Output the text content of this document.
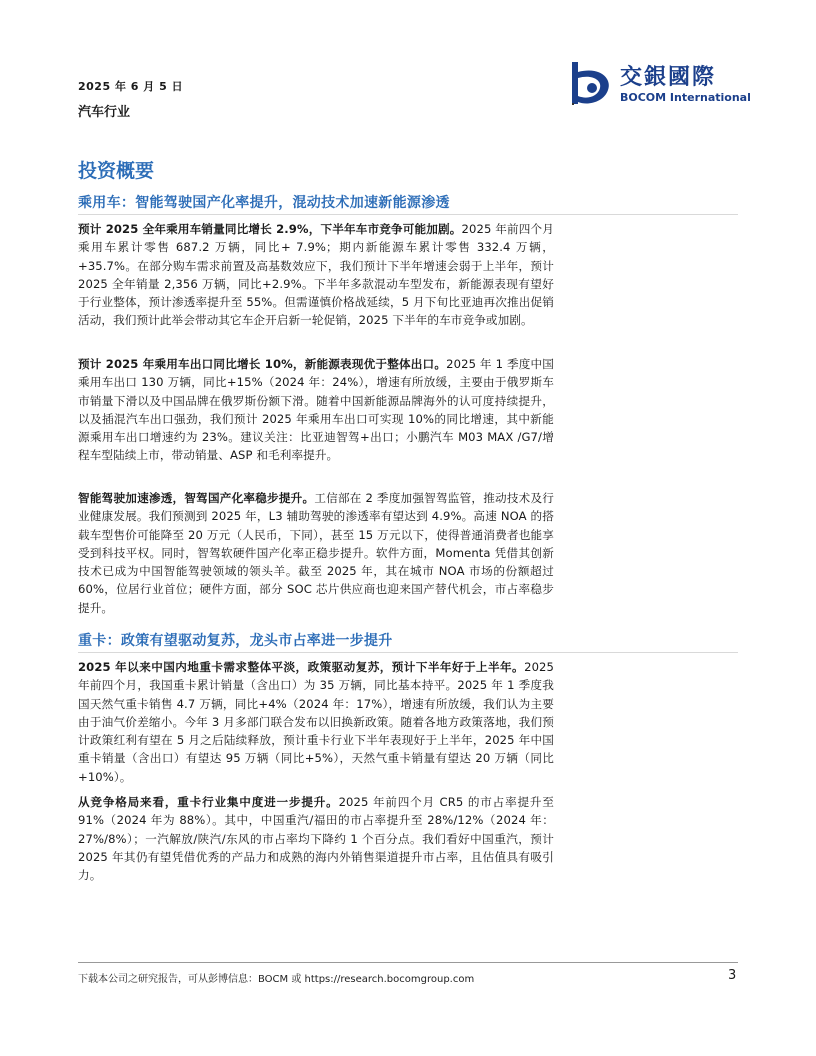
2025 年 6 月 5 日
汽车行业
交銀國際
BOCOM International
投资概要
乘用车：智能驾驶国产化率提升，混动技术加速新能源渗透
预计 2025 全年乘用车销量同比增长 2.9%，下半年车市竞争可能加剧。2025 年前四个月乘用车累计零售 687.2 万辆，同比+ 7.9%；期内新能源车累计零售 332.4 万辆，+35.7%。在部分购车需求前置及高基数效应下，我们预计下半年增速会弱于上半年，预计 2025 全年销量 2,356 万辆，同比+2.9%。下半年多款混动车型发布，新能源表现有望好于行业整体，预计渗透率提升至 55%。但需谨慎价格战延续，5 月下旬比亚迪再次推出促销活动，我们预计此举会带动其它车企开启新一轮促销，2025 下半年的车市竞争或加剧。
预计 2025 年乘用车出口同比增长 10%，新能源表现优于整体出口。2025 年 1 季度中国乘用车出口 130 万辆，同比+15%（2024 年：24%），增速有所放缓，主要由于俄罗斯车市销量下滑以及中国品牌在俄罗斯份额下滑。随着中国新能源品牌海外的认可度持续提升，以及插混汽车出口强劲，我们预计 2025 年乘用车出口可实现 10%的同比增速，其中新能源乘用车出口增速约为 23%。建议关注：比亚迪智驾+出口；小鹏汽车 M03 MAX /G7/增程车型陆续上市，带动销量、ASP 和毛利率提升。
智能驾驶加速渗透，智驾国产化率稳步提升。工信部在 2 季度加强智驾监管，推动技术及行业健康发展。我们预测到 2025 年，L3 辅助驾驶的渗透率有望达到 4.9%。高速 NOA 的搭载车型售价可能降至 20 万元（人民币，下同），甚至 15 万元以下，使得普通消费者也能享受到科技平权。同时，智驾软硬件国产化率正稳步提升。软件方面，Momenta 凭借其创新技术已成为中国智能驾驶领域的领头羊。截至 2025 年，其在城市 NOA 市场的份额超过 60%，位居行业首位；硬件方面，部分 SOC 芯片供应商也迎来国产替代机会，市占率稳步提升。
重卡：政策有望驱动复苏，龙头市占率进一步提升
2025 年以来中国内地重卡需求整体平淡，政策驱动复苏，预计下半年好于上半年。2025 年前四个月，我国重卡累计销量（含出口）为 35 万辆，同比基本持平。2025 年 1 季度我国天然气重卡销售 4.7 万辆，同比+4%（2024 年：17%），增速有所放缓，我们认为主要由于油气价差缩小。今年 3 月多部门联合发布以旧换新政策。随着各地方政策落地，我们预计政策红利有望在 5 月之后陆续释放，预计重卡行业下半年表现好于上半年，2025 年中国重卡销量（含出口）有望达 95 万辆（同比+5%），天然气重卡销量有望达 20 万辆（同比+10%）。
从竞争格局来看，重卡行业集中度进一步提升。2025 年前四个月 CR5 的市占率提升至 91%（2024 年为 88%）。其中，中国重汽/福田的市占率提升至 28%/12%（2024 年：27%/8%）；一汽解放/陕汽/东风的市占率均下降约 1 个百分点。我们看好中国重汽，预计 2025 年其仍有望凭借优秀的产品力和成熟的海内外销售渠道提升市占率，且估值具有吸引力。
下载本公司之研究报告，可从彭博信息：BOCM 或 https://research.bocomgroup.com	3
